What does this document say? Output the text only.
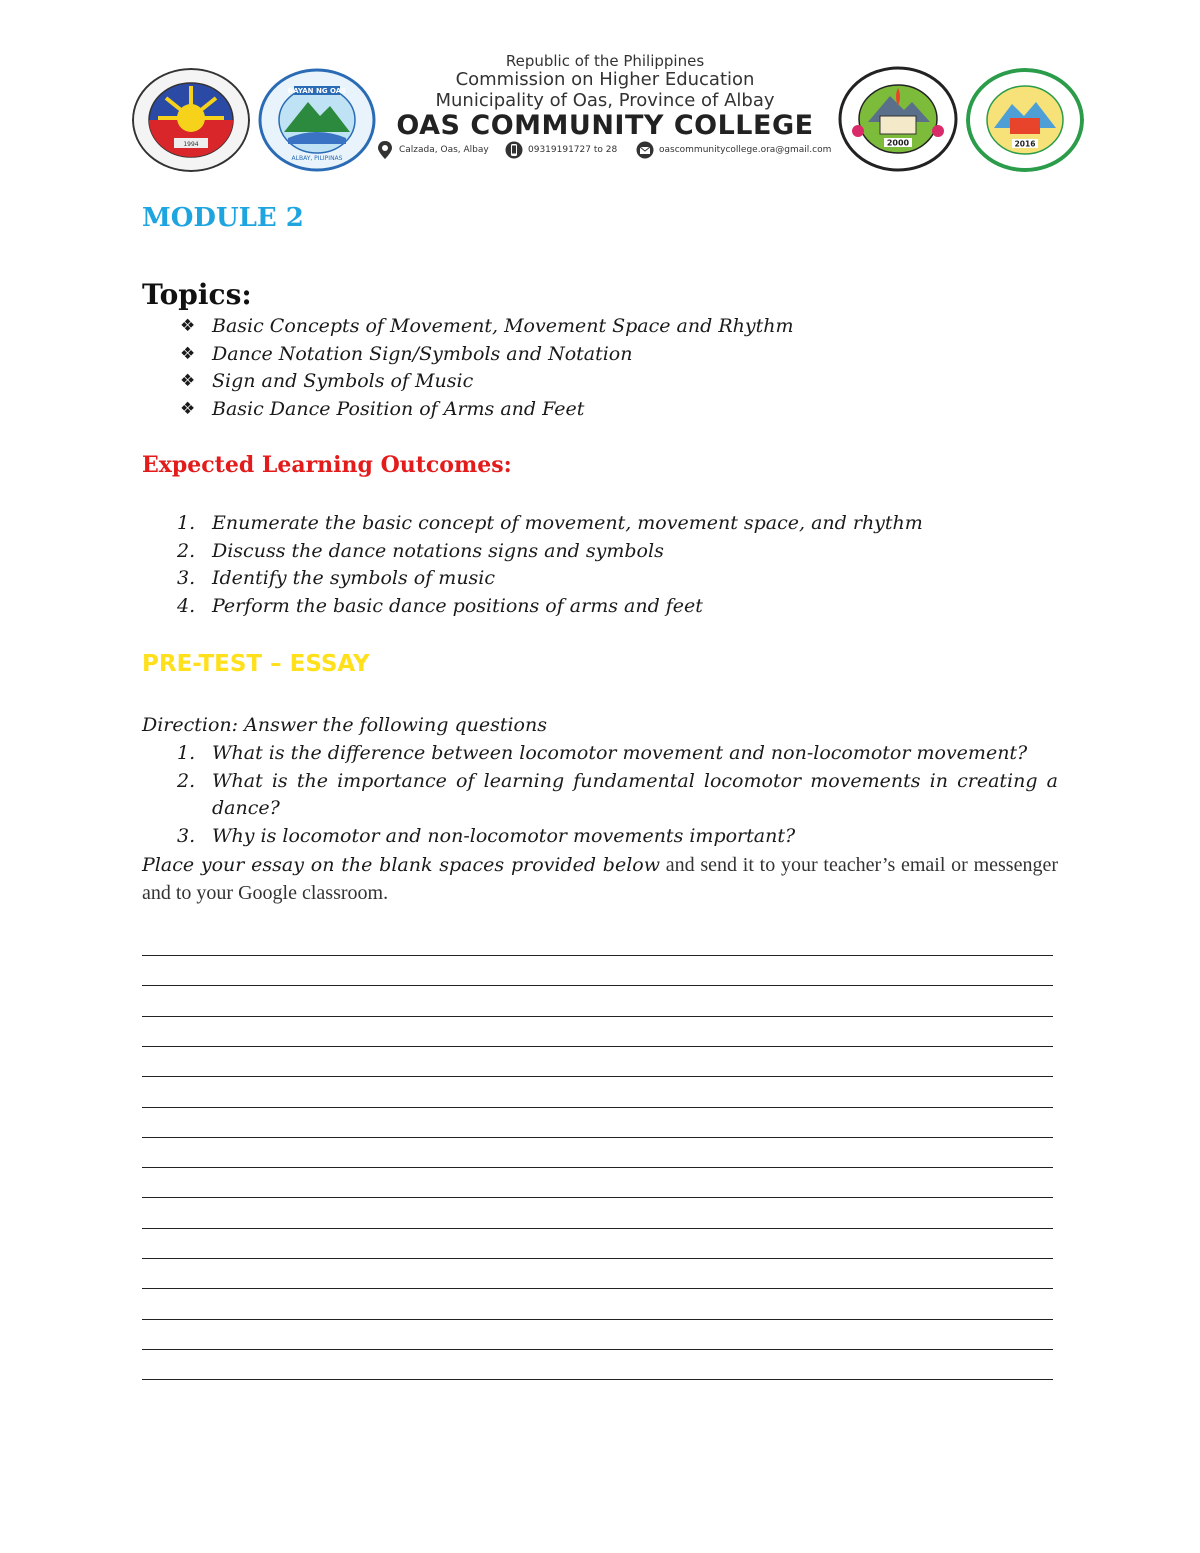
1994
BAYAN NG OAS
ALBAY, PILIPINAS
Republic of the Philippines
Commission on Higher Education
Municipality of Oas, Province of Albay
OAS COMMUNITY COLLEGE
Calzada, Oas, Albay	09319191727 to 28	oascommunitycollege.ora@gmail.com
2000	2016
MODULE 2
Topics:
❖ Basic Concepts of Movement, Movement Space and Rhythm
❖ Dance Notation Sign/Symbols and Notation
❖ Sign and Symbols of Music
❖ Basic Dance Position of Arms and Feet
Expected Learning Outcomes:
1. Enumerate the basic concept of movement, movement space, and rhythm
2. Discuss the dance notations signs and symbols
3. Identify the symbols of music
4. Perform the basic dance positions of arms and feet
PRE-TEST – ESSAY
Direction: Answer the following questions
1. What is the difference between locomotor movement and non-locomotor movement?
2. What is the importance of learning fundamental locomotor movements in creating a dance?
3. Why is locomotor and non-locomotor movements important?
Place your essay on the blank spaces provided below and send it to your teacher’s email or messenger and to your Google classroom.
